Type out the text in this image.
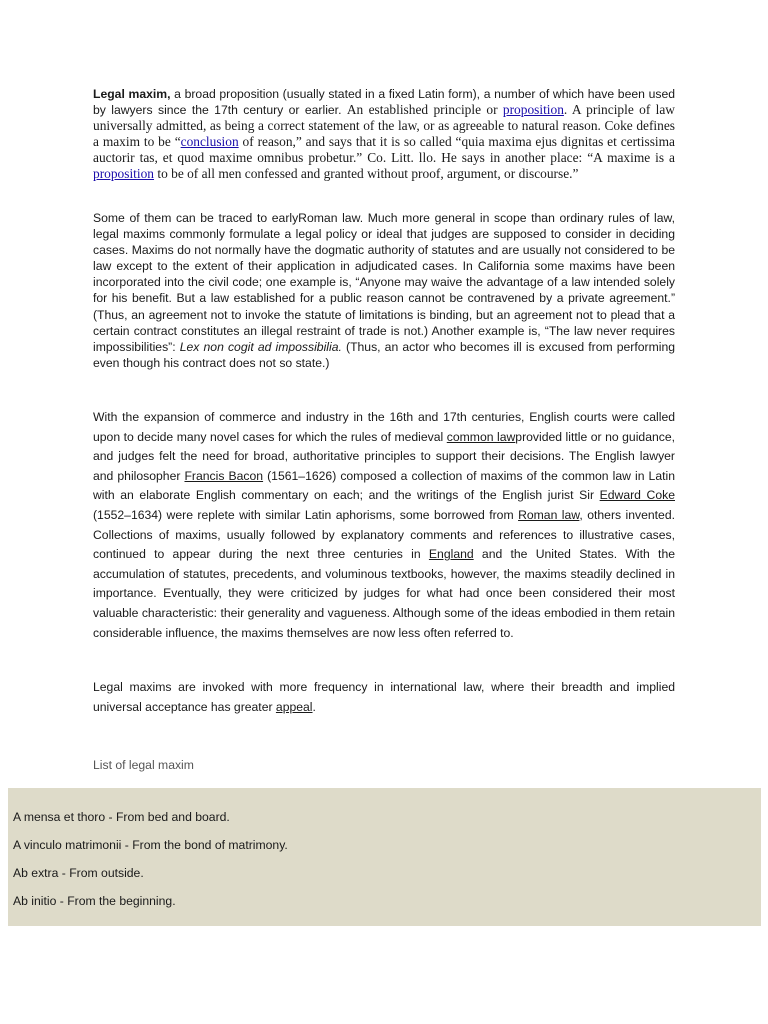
Legal maxim, a broad proposition (usually stated in a fixed Latin form), a number of which have been used by lawyers since the 17th century or earlier. An established principle or proposition. A principle of law universally admitted, as being a correct statement of the law, or as agreeable to natural reason. Coke defines a maxim to be “conclusion of reason,” and says that it is so called “quia maxima ejus dignitas et certissima auctorir tas, et quod maxime omnibus probetur.” Co. Litt. llo. He says in another place: “A maxime is a proposition to be of all men confessed and granted without proof, argument, or discourse.”

Some of them can be traced to earlyRoman law. Much more general in scope than ordinary rules of law, legal maxims commonly formulate a legal policy or ideal that judges are supposed to consider in deciding cases. Maxims do not normally have the dogmatic authority of statutes and are usually not considered to be law except to the extent of their application in adjudicated cases. In California some maxims have been incorporated into the civil code; one example is, “Anyone may waive the advantage of a law intended solely for his benefit. But a law established for a public reason cannot be contravened by a private agreement.” (Thus, an agreement not to invoke the statute of limitations is binding, but an agreement not to plead that a certain contract constitutes an illegal restraint of trade is not.) Another example is, “The law never requires impossibilities”: Lex non cogit ad impossibilia. (Thus, an actor who becomes ill is excused from performing even though his contract does not so state.)

With the expansion of commerce and industry in the 16th and 17th centuries, English courts were called upon to decide many novel cases for which the rules of medieval common lawprovided little or no guidance, and judges felt the need for broad, authoritative principles to support their decisions. The English lawyer and philosopher Francis Bacon (1561–1626) composed a collection of maxims of the common law in Latin with an elaborate English commentary on each; and the writings of the English jurist Sir Edward Coke (1552–1634) were replete with similar Latin aphorisms, some borrowed from Roman law, others invented. Collections of maxims, usually followed by explanatory comments and references to illustrative cases, continued to appear during the next three centuries in England and the United States. With the accumulation of statutes, precedents, and voluminous textbooks, however, the maxims steadily declined in importance. Eventually, they were criticized by judges for what had once been considered their most valuable characteristic: their generality and vagueness. Although some of the ideas embodied in them retain considerable influence, the maxims themselves are now less often referred to.

Legal maxims are invoked with more frequency in international law, where their breadth and implied universal acceptance has greater appeal.

List of legal maxim
A mensa et thoro - From bed and board.
A vinculo matrimonii - From the bond of matrimony.
Ab extra - From outside.
Ab initio - From the beginning.
